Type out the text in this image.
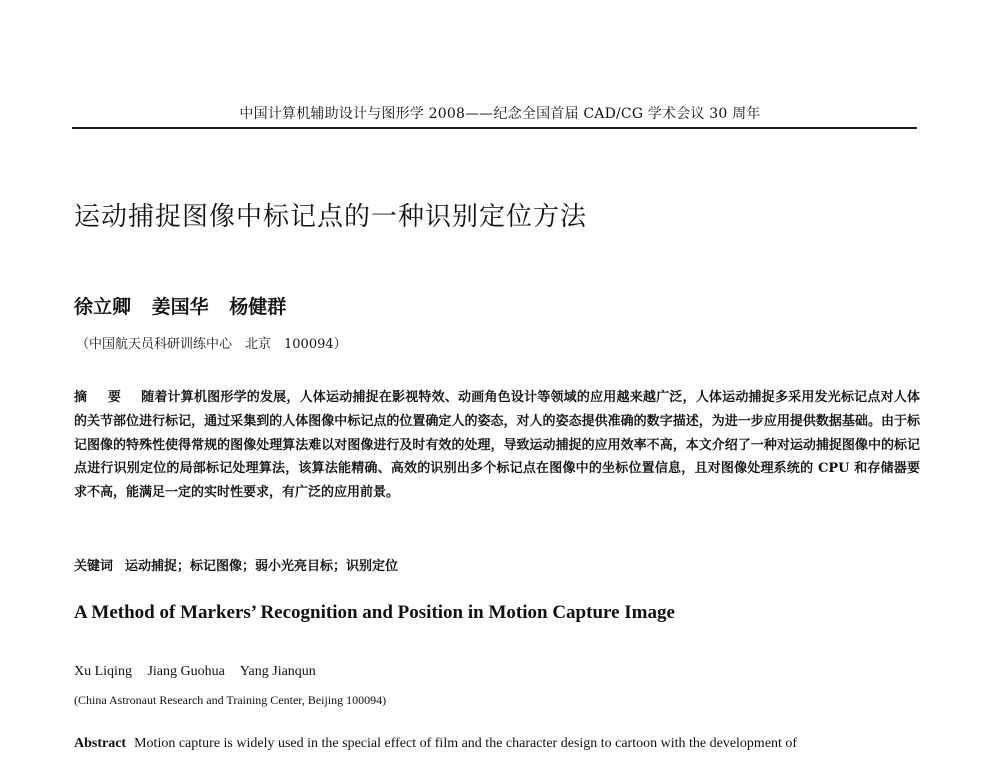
中国计算机辅助设计与图形学 2008——纪念全国首届 CAD/CG 学术会议 30 周年
运动捕捉图像中标记点的一种识别定位方法
徐立卿 姜国华 杨健群
（中国航天员科研训练中心　北京　100094）
摘 要 随着计算机图形学的发展，人体运动捕捉在影视特效、动画角色设计等领域的应用越来越广泛，人体运动捕捉多采用发光标记点对人体的关节部位进行标记，通过采集到的人体图像中标记点的位置确定人的姿态，对人的姿态提供准确的数字描述，为进一步应用提供数据基础。由于标记图像的特殊性使得常规的图像处理算法难以对图像进行及时有效的处理，导致运动捕捉的应用效率不高，本文介绍了一种对运动捕捉图像中的标记点进行识别定位的局部标记处理算法，该算法能精确、高效的识别出多个标记点在图像中的坐标位置信息，且对图像处理系统的 CPU 和存储器要求不高，能满足一定的实时性要求，有广泛的应用前景。
关键词 运动捕捉；标记图像；弱小光亮目标；识别定位
A Method of Markers’ Recognition and Position in Motion Capture Image
Xu Liqing Jiang Guohua Yang Jianqun
(China Astronaut Research and Training Center, Beijing 100094)
Abstract Motion capture is widely used in the special effect of film and the character design to cartoon with the development of
